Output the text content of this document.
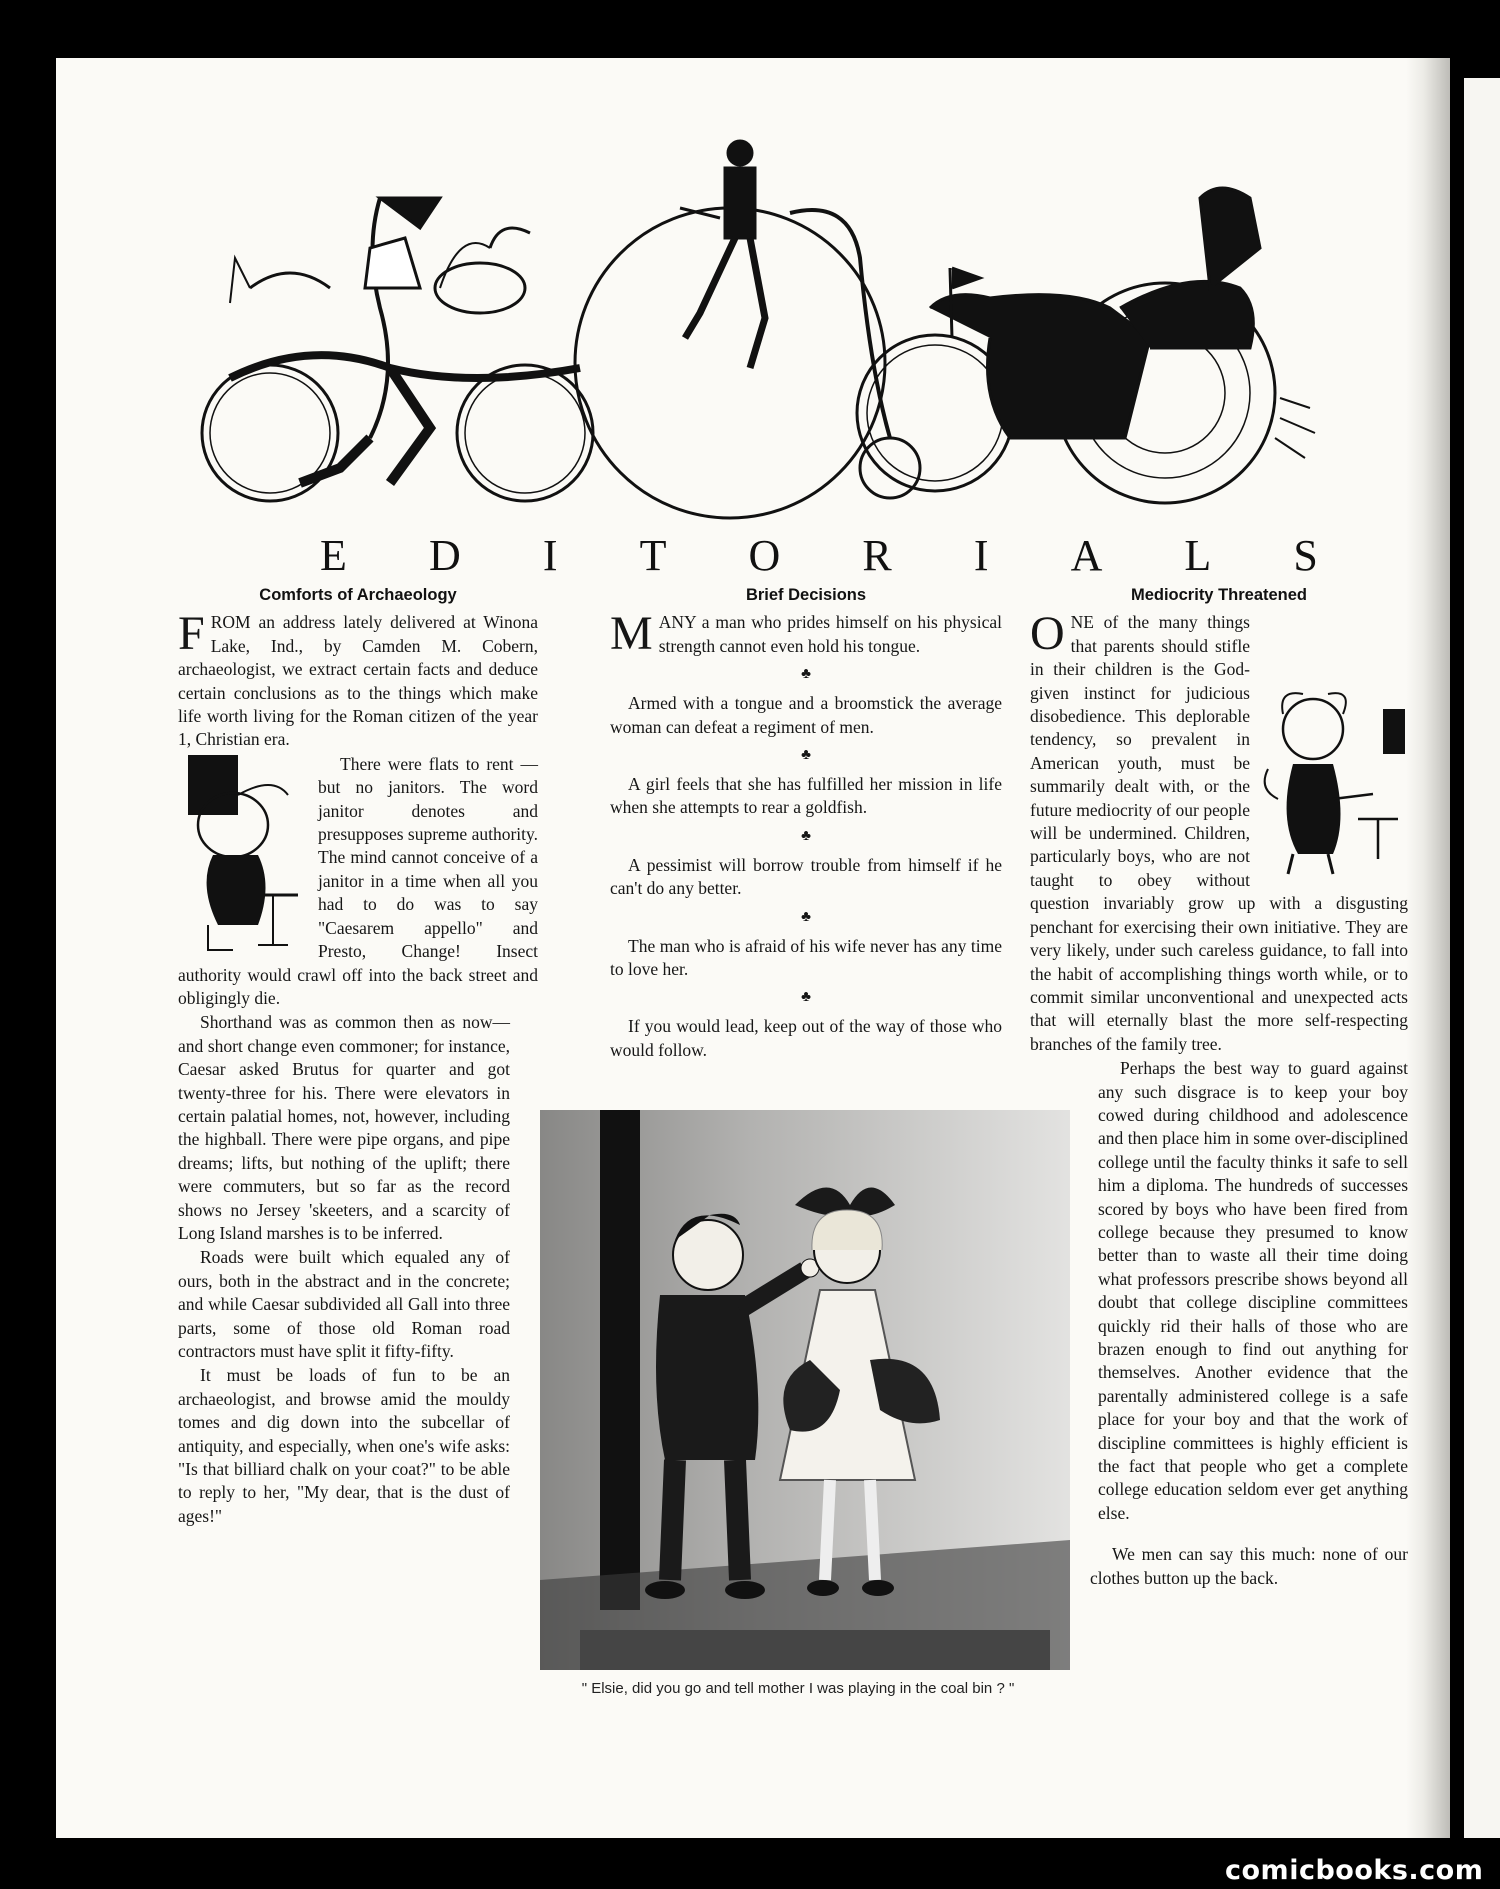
E D I T O R I A L S
Comforts of Archaeology

FROM an address lately delivered at Winona Lake, Ind., by Camden M. Cobern, archaeologist, we extract certain facts and deduce certain conclusions as to the things which make life worth living for the Roman citizen of the year 1, Christian era.

There were flats to rent —but no janitors. The word janitor denotes and presupposes supreme authority. The mind cannot conceive of a janitor in a time when all you had to do was to say "Caesarem appello" and Presto, Change! Insect authority would crawl off into the back street and obligingly die.

Shorthand was as common then as now— and short change even commoner; for instance, Caesar asked Brutus for quarter and got twenty-three for his. There were elevators in certain palatial homes, not, however, including the highball. There were pipe organs, and pipe dreams; lifts, but nothing of the uplift; there were commuters, but so far as the record shows no Jersey 'skeeters, and a scarcity of Long Island marshes is to be inferred.

Roads were built which equaled any of ours, both in the abstract and in the concrete; and while Caesar subdivided all Gall into three parts, some of those old Roman road contractors must have split it fifty-fifty.

It must be loads of fun to be an archaeologist, and browse amid the mouldy tomes and dig down into the subcellar of antiquity, and especially, when one's wife asks: "Is that billiard chalk on your coat?" to be able to reply to her, "My dear, that is the dust of ages!"

Brief Decisions

MANY a man who prides himself on his physical strength cannot even hold his tongue.

♣

Armed with a tongue and a broomstick the average woman can defeat a regiment of men.

♣

A girl feels that she has fulfilled her mission in life when she attempts to rear a goldfish.

♣

A pessimist will borrow trouble from himself if he can't do any better.

♣

The man who is afraid of his wife never has any time to love her.

♣

If you would lead, keep out of the way of those who would follow.

" Elsie, did you go and tell mother I was playing in the coal bin ? "
Mediocrity Threatened

ONE of the many things that parents should stifle in their children is the God-given instinct for judicious disobedience. This deplorable tendency, so prevalent in American youth, must be summarily dealt with, or the future mediocrity of our people will be undermined. Children, particularly boys, who are not taught to obey without question invariably grow up with a disgusting penchant for exercising their own initiative. They are very likely, under such careless guidance, to fall into the habit of accomplishing things worth while, or to commit similar unconventional and unexpected acts that will eternally blast the more self-respecting branches of the family tree.

Perhaps the best way to guard against any such disgrace is to keep your boy cowed during childhood and adolescence and then place him in some over-disciplined college until the faculty thinks it safe to sell him a diploma. The hundreds of successes scored by boys who have been fired from college because they presumed to know better than to waste all their time doing what professors prescribe shows beyond all doubt that college discipline committees quickly rid their halls of those who are brazen enough to find out anything for themselves. Another evidence that the parentally administered college is a safe place for your boy and that the work of discipline committees is highly efficient is the fact that people who get a complete college education seldom ever get anything else.

We men can say this much: none of our clothes button up the back.

comicbooks.com
